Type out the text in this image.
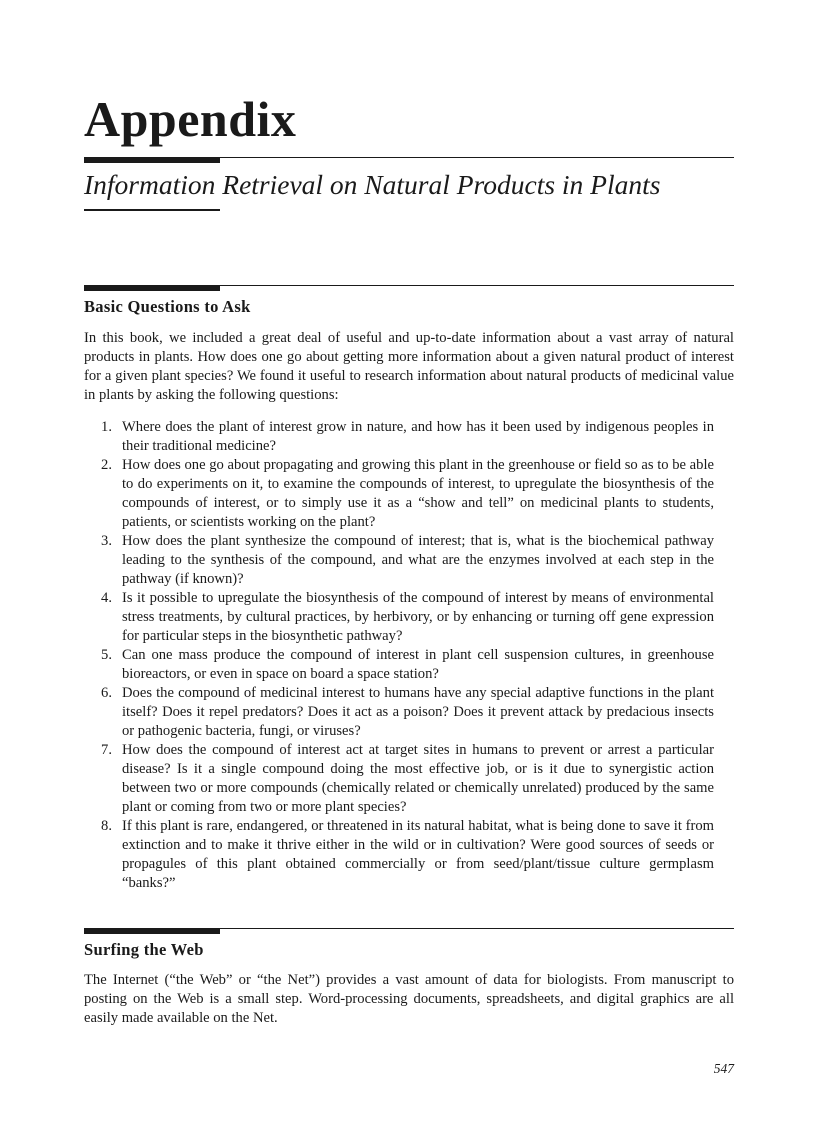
Appendix
Information Retrieval on Natural Products in Plants
Basic Questions to Ask

In this book, we included a great deal of useful and up-to-date information about a vast array of natural products in plants. How does one go about getting more information about a given natural product of interest for a given plant species? We found it useful to research information about natural products of medicinal value in plants by asking the following questions:

1. Where does the plant of interest grow in nature, and how has it been used by indigenous peoples in their traditional medicine?
2. How does one go about propagating and growing this plant in the greenhouse or field so as to be able to do experiments on it, to examine the compounds of interest, to upregulate the biosynthesis of the compounds of interest, or to simply use it as a “show and tell” on medicinal plants to students, patients, or scientists working on the plant?
3. How does the plant synthesize the compound of interest; that is, what is the biochemical pathway leading to the synthesis of the compound, and what are the enzymes involved at each step in the pathway (if known)?
4. Is it possible to upregulate the biosynthesis of the compound of interest by means of environmental stress treatments, by cultural practices, by herbivory, or by enhancing or turning off gene expression for particular steps in the biosynthetic pathway?
5. Can one mass produce the compound of interest in plant cell suspension cultures, in greenhouse bioreactors, or even in space on board a space station?
6. Does the compound of medicinal interest to humans have any special adaptive functions in the plant itself? Does it repel predators? Does it act as a poison? Does it prevent attack by predacious insects or pathogenic bacteria, fungi, or viruses?
7. How does the compound of interest act at target sites in humans to prevent or arrest a particular disease? Is it a single compound doing the most effective job, or is it due to synergistic action between two or more compounds (chemically related or chemically unrelated) produced by the same plant or coming from two or more plant species?
8. If this plant is rare, endangered, or threatened in its natural habitat, what is being done to save it from extinction and to make it thrive either in the wild or in cultivation? Were good sources of seeds or propagules of this plant obtained commercially or from seed/plant/tissue culture germplasm “banks?”
Surfing the Web

The Internet (“the Web” or “the Net”) provides a vast amount of data for biologists. From manuscript to posting on the Web is a small step. Word-processing documents, spreadsheets, and digital graphics are all easily made available on the Net.

547
